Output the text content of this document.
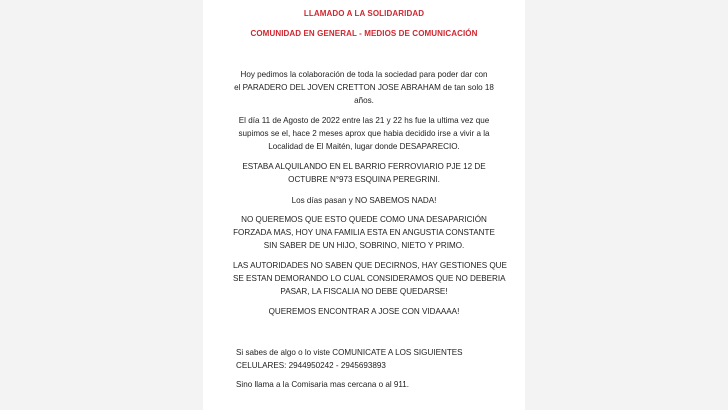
LLAMADO A LA SOLIDARIDAD
COMUNIDAD EN GENERAL - MEDIOS DE COMUNICACIÓN
Hoy pedimos la colaboración de toda la sociedad para poder dar con
el PARADERO DEL JOVEN CRETTON JOSE ABRAHAM de tan solo 18
años.
El día 11 de Agosto de 2022 entre las 21 y 22 hs fue la ultima vez que
supimos se el, hace 2 meses aprox que habia decidido irse a vivir a la
Localidad de El Maitén, lugar donde DESAPARECIO.
ESTABA ALQUILANDO EN EL BARRIO FERROVIARIO PJE 12 DE
OCTUBRE N°973 ESQUINA PEREGRINI.
Los días pasan y NO SABEMOS NADA!
NO QUEREMOS QUE ESTO QUEDE COMO UNA DESAPARICIÓN
FORZADA MAS, HOY UNA FAMILIA ESTA EN ANGUSTIA CONSTANTE
SIN SABER DE UN HIJO, SOBRINO, NIETO Y PRIMO.
LAS AUTORIDADES NO SABEN QUE DECIRNOS, HAY GESTIONES QUE
SE ESTAN DEMORANDO LO CUAL CONSIDERAMOS QUE NO DEBERIA
PASAR, LA FISCALIA NO DEBE QUEDARSE!
QUEREMOS ENCONTRAR A JOSE CON VIDAAAA!
Si sabes de algo o lo viste COMUNICATE A LOS SIGUIENTES
CELULARES: 2944950242 - 2945693893
Sino llama a la Comisaria mas cercana o al 911.
